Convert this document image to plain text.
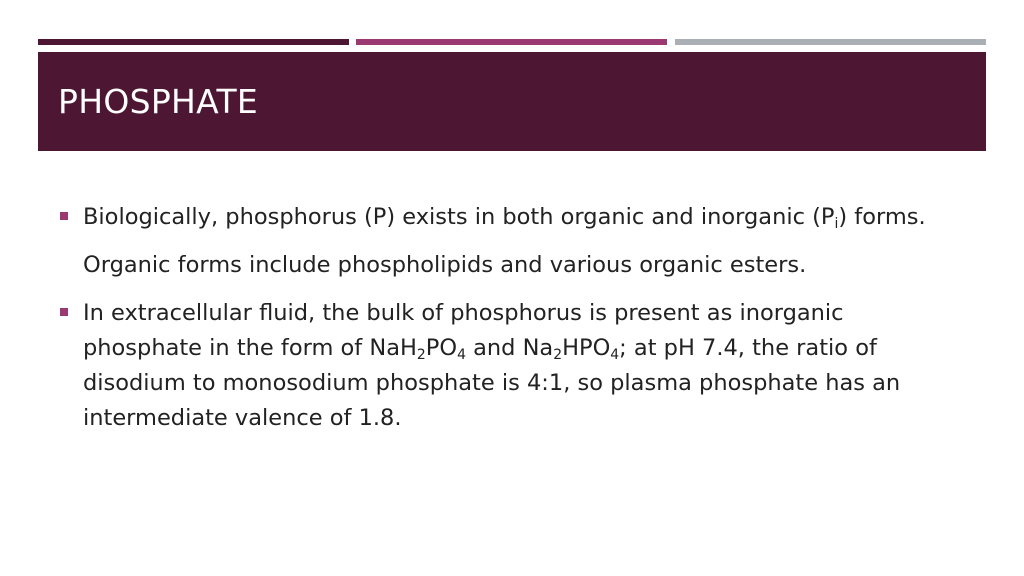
PHOSPHATE
Biologically, phosphorus (P) exists in both organic and inorganic $(P_i)$ forms.
Organic forms include phospholipids and various organic esters.
In extracellular fluid, the bulk of phosphorus is present as inorganic phosphate in the form of $NaH_2PO_4$ and $Na_2HPO_4$; at pH 7.4, the ratio of disodium to monosodium phosphate is 4:1, so plasma phosphate has an intermediate valence of 1.8.
